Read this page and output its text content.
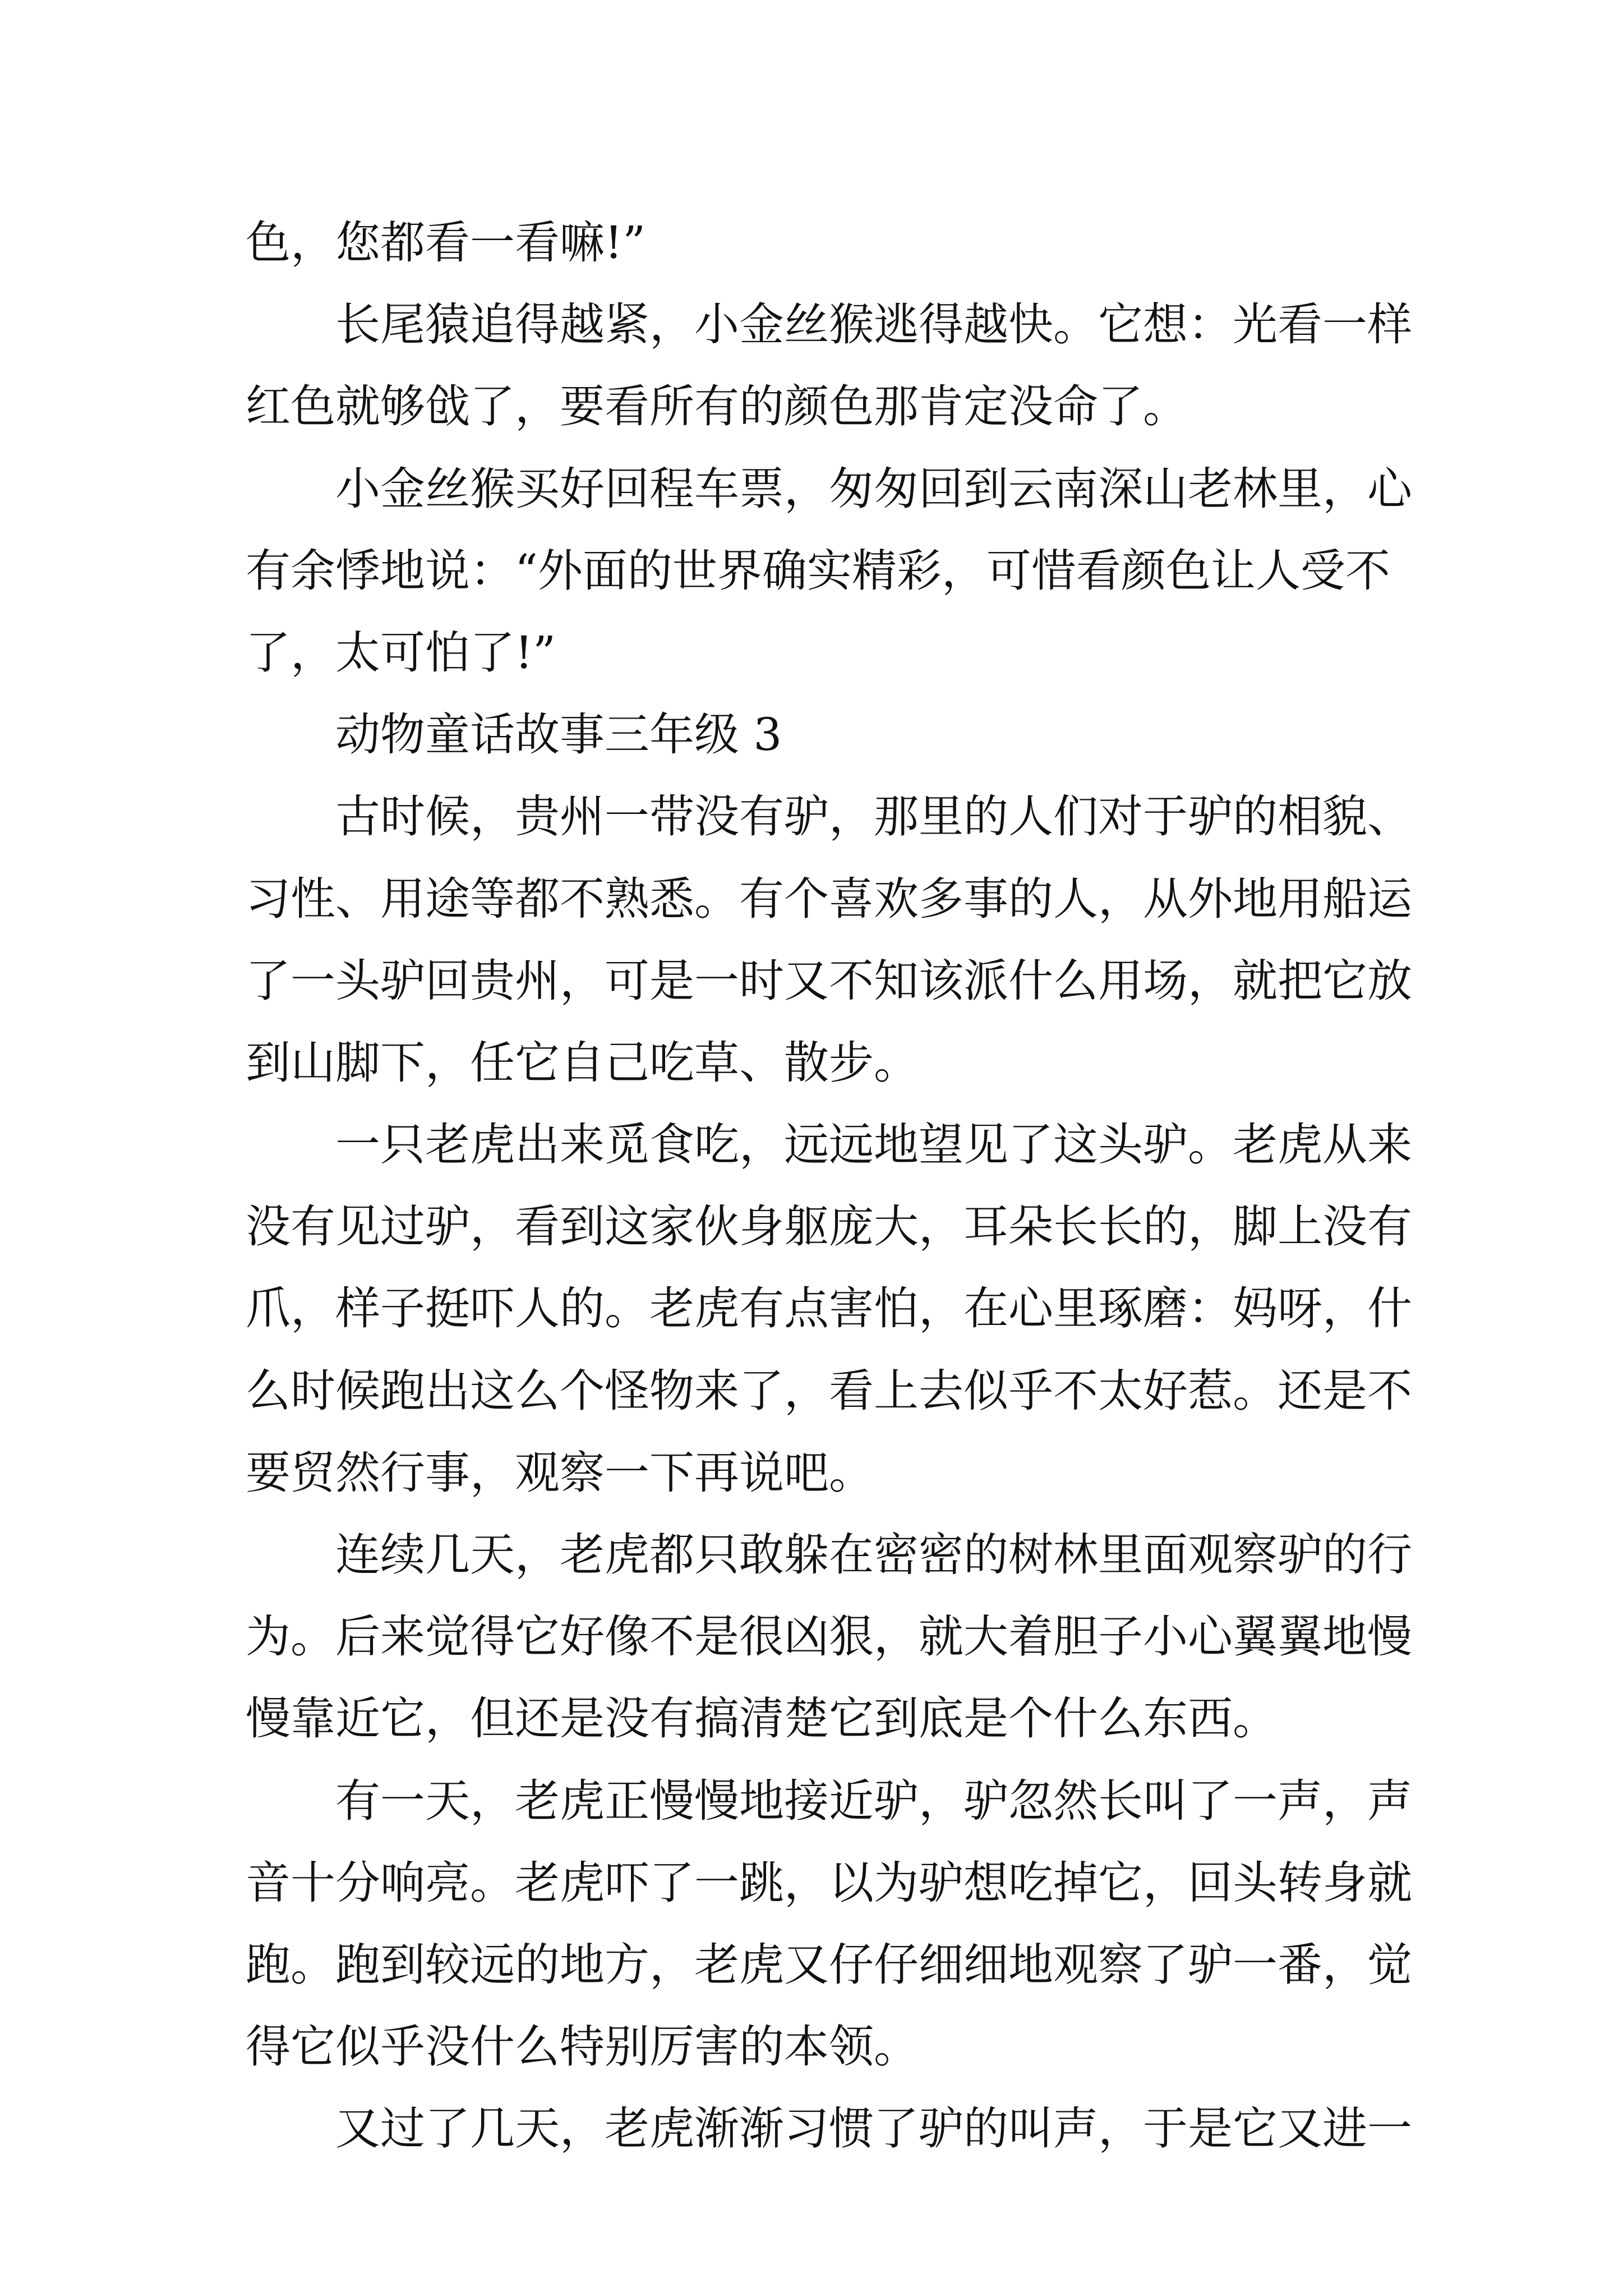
色，您都看一看嘛!”
长尾猿追得越紧，小金丝猴逃得越快。它想：光看一样
红色就够戗了，要看所有的颜色那肯定没命了。
小金丝猴买好回程车票，匆匆回到云南深山老林里，心
有余悸地说：“外面的世界确实精彩，可惜看颜色让人受不
了，太可怕了!”
动物童话故事三年级 3
古时候，贵州一带没有驴，那里的人们对于驴的相貌、
习性、用途等都不熟悉。有个喜欢多事的人，从外地用船运
了一头驴回贵州，可是一时又不知该派什么用场，就把它放
到山脚下，任它自己吃草、散步。
一只老虎出来觅食吃，远远地望见了这头驴。老虎从来
没有见过驴，看到这家伙身躯庞大，耳朵长长的，脚上没有
爪，样子挺吓人的。老虎有点害怕，在心里琢磨：妈呀，什
么时候跑出这么个怪物来了，看上去似乎不太好惹。还是不
要贸然行事，观察一下再说吧。
连续几天，老虎都只敢躲在密密的树林里面观察驴的行
为。后来觉得它好像不是很凶狠，就大着胆子小心翼翼地慢
慢靠近它，但还是没有搞清楚它到底是个什么东西。
有一天，老虎正慢慢地接近驴，驴忽然长叫了一声，声
音十分响亮。老虎吓了一跳，以为驴想吃掉它，回头转身就
跑。跑到较远的地方，老虎又仔仔细细地观察了驴一番，觉
得它似乎没什么特别厉害的本领。
又过了几天，老虎渐渐习惯了驴的叫声，于是它又进一
